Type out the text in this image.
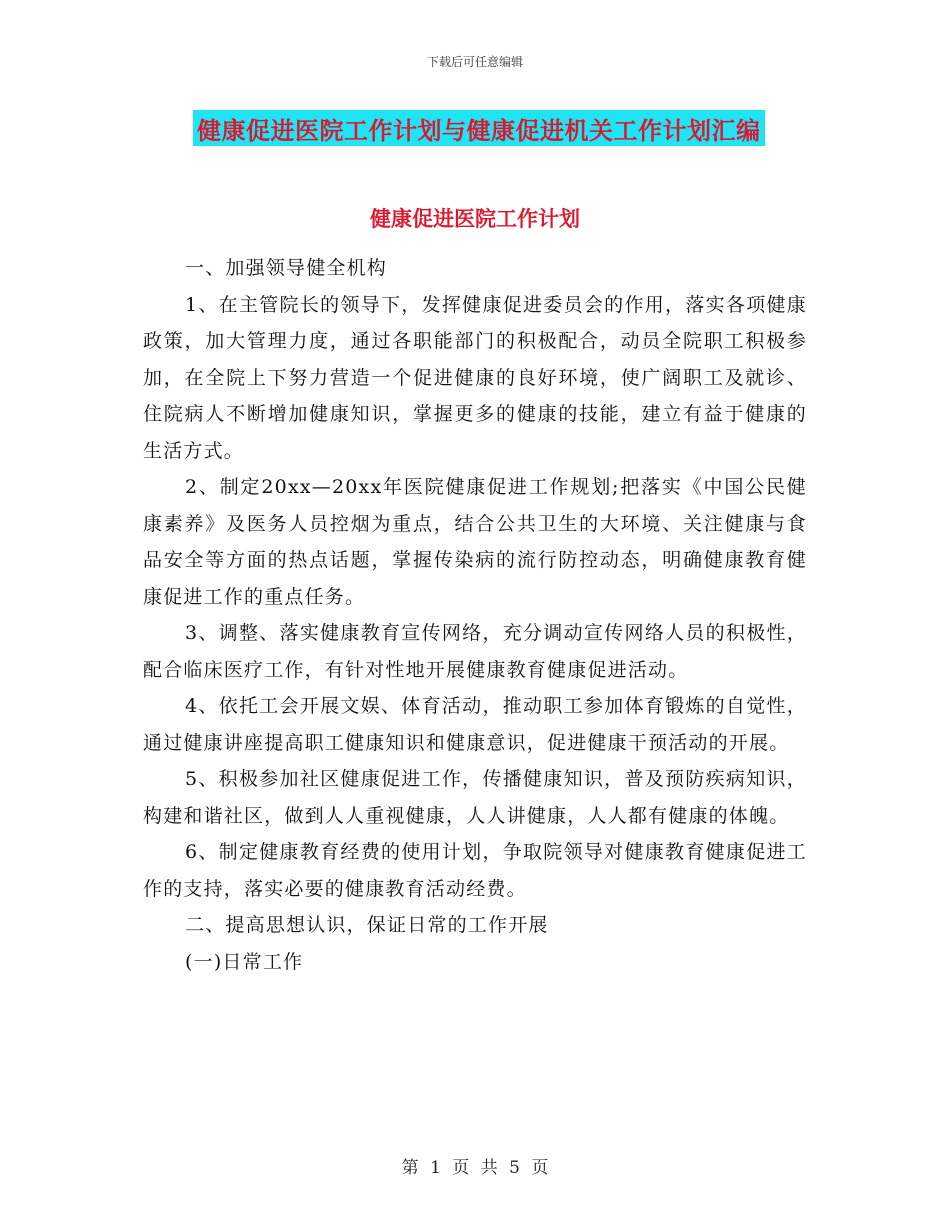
下载后可任意编辑
健康促进医院工作计划与健康促进机关工作计划汇编
健康促进医院工作计划

一、加强领导健全机构

1、在主管院长的领导下，发挥健康促进委员会的作用，落实各项健康政策，加大管理力度，通过各职能部门的积极配合，动员全院职工积极参加，在全院上下努力营造一个促进健康的良好环境，使广阔职工及就诊、住院病人不断增加健康知识，掌握更多的健康的技能，建立有益于健康的生活方式。

2、制定20xx—20xx年医院健康促进工作规划;把落实《中国公民健康素养》及医务人员控烟为重点，结合公共卫生的大环境、关注健康与食品安全等方面的热点话题，掌握传染病的流行防控动态，明确健康教育健康促进工作的重点任务。

3、调整、落实健康教育宣传网络，充分调动宣传网络人员的积极性，配合临床医疗工作，有针对性地开展健康教育健康促进活动。

4、依托工会开展文娱、体育活动，推动职工参加体育锻炼的自觉性，通过健康讲座提高职工健康知识和健康意识，促进健康干预活动的开展。

5、积极参加社区健康促进工作，传播健康知识，普及预防疾病知识，构建和谐社区，做到人人重视健康，人人讲健康，人人都有健康的体魄。

6、制定健康教育经费的使用计划，争取院领导对健康教育健康促进工作的支持，落实必要的健康教育活动经费。

二、提高思想认识，保证日常的工作开展

(一)日常工作

第 1 页 共 5 页
